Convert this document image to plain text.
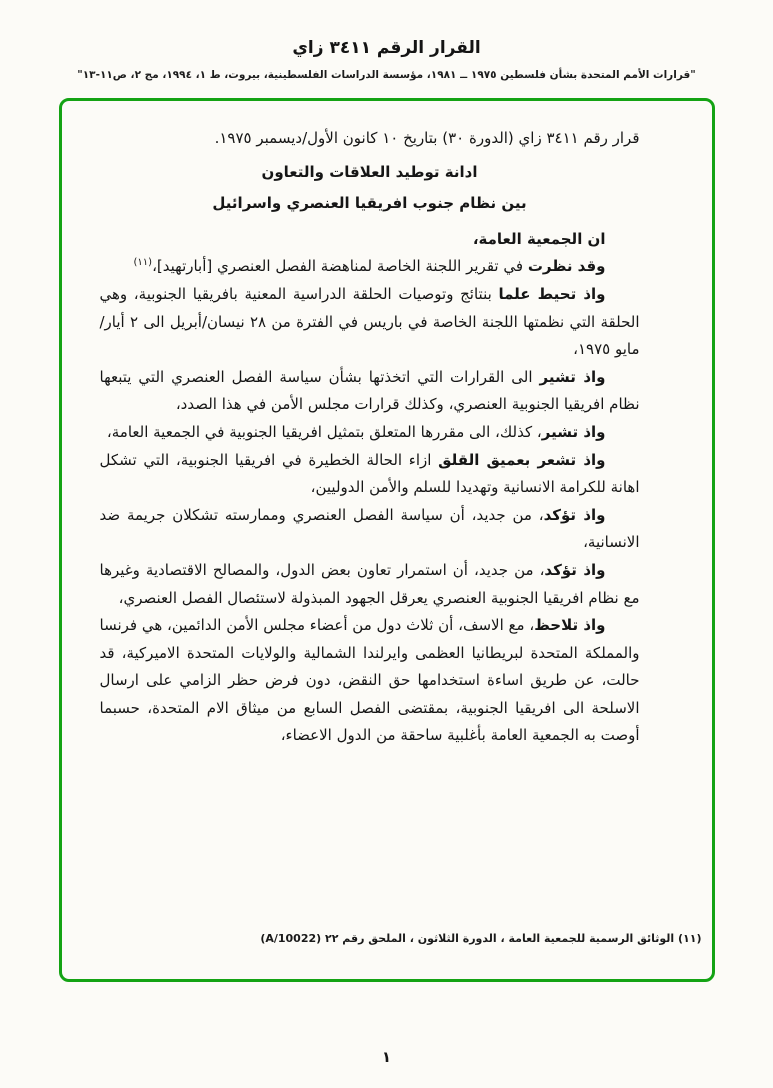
القرار الرقم ٣٤١١ زاي
"قرارات الأمم المتحدة بشأن فلسطين ١٩٧٥ ــ ١٩٨١، مؤسسة الدراسات الفلسطينية، بيروت، ط ١، ١٩٩٤، مج ٢، ص١١-١٣"

قرار رقم ٣٤١١ زاي (الدورة ٣٠) بتاريخ ١٠ كانون الأول/ديسمبر ١٩٧٥.

ادانة توطيد العلاقات والتعاون
بين نظام جنوب افريقيا العنصري واسرائيل

ان الجمعية العامة،

وقد نظرت في تقرير اللجنة الخاصة لمناهضة الفصل العنصري [أبارتهيد]،$^{(١١)}$

واذ تحيط علما بنتائج وتوصيات الحلقة الدراسية المعنية بافريقيا الجنوبية، وهي الحلقة التي نظمتها اللجنة الخاصة في باريس في الفترة من ٢٨ نيسان/أبريل الى ٢ أيار/مايو ١٩٧٥،

واذ تشير الى القرارات التي اتخذتها بشأن سياسة الفصل العنصري التي يتبعها نظام افريقيا الجنوبية العنصري، وكذلك قرارات مجلس الأمن في هذا الصدد،

واذ تشير، كذلك، الى مقررها المتعلق بتمثيل افريقيا الجنوبية في الجمعية العامة،

واذ تشعر بعميق القلق ازاء الحالة الخطيرة في افريقيا الجنوبية، التي تشكل اهانة للكرامة الانسانية وتهديدا للسلم والأمن الدوليين،

واذ تؤكد، من جديد، أن سياسة الفصل العنصري وممارسته تشكلان جريمة ضد الانسانية،

واذ تؤكد، من جديد، أن استمرار تعاون بعض الدول، والمصالح الاقتصادية وغيرها مع نظام افريقيا الجنوبية العنصري يعرقل الجهود المبذولة لاستئصال الفصل العنصري،

واذ تلاحظ، مع الاسف، أن ثلاث دول من أعضاء مجلس الأمن الدائمين، هي فرنسا والمملكة المتحدة لبريطانيا العظمى وايرلندا الشمالية والولايات المتحدة الاميركية، قد حالت، عن طريق اساءة استخدامها حق النقض، دون فرض حظر الزامي على ارسال الاسلحة الى افريقيا الجنوبية، بمقتضى الفصل السابع من ميثاق الام المتحدة، حسبما أوصت به الجمعية العامة بأغلبية ساحقة من الدول الاعضاء،

(١١) الوثائق الرسمية للجمعية العامة ، الدورة الثلاثون ، الملحق رقم ٢٢ (A/10022)
١
